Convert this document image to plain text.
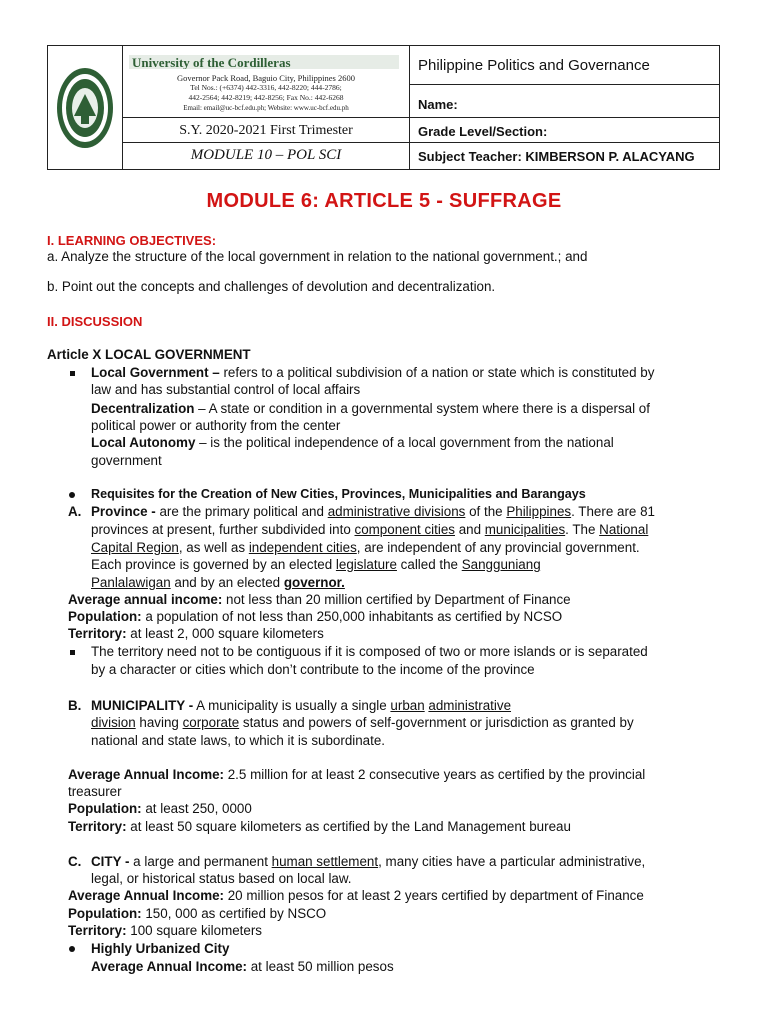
University of the Cordilleras
Governor Pack Road, Baguio City, Philippines 2600
Tel Nos.: (+6374) 442-3316, 442-8220; 444-2786;
442-2564; 442-8219; 442-8256; Fax No.: 442-6268
Email: email@uc-bcf.edu.ph; Website: www.uc-bcf.edu.ph
S.Y. 2020-2021 First Trimester
MODULE 10 – POL SCI
Philippine Politics and Governance
Name:
Grade Level/Section:
Subject Teacher: KIMBERSON P. ALACYANG
MODULE 6: ARTICLE 5 - SUFFRAGE
I. LEARNING OBJECTIVES:
a. Analyze the structure of the local government in relation to the national government.; and
b. Point out the concepts and challenges of devolution and decentralization.
II. DISCUSSION
Article X LOCAL GOVERNMENT
Local Government – refers to a political subdivision of a nation or state which is constituted by
law and has substantial control of local affairs
Decentralization – A state or condition in a governmental system where there is a dispersal of
political power or authority from the center
Local Autonomy – is the political independence of a local government from the national
government
Requisites for the Creation of New Cities, Provinces, Municipalities and Barangays
A. Province - are the primary political and administrative divisions of the Philippines. There are 81
provinces at present, further subdivided into component cities and municipalities. The National
Capital Region, as well as independent cities, are independent of any provincial government.
Each province is governed by an elected legislature called the Sangguniang
Panlalawigan and by an elected governor.
Average annual income: not less than 20 million certified by Department of Finance
Population: a population of not less than 250,000 inhabitants as certified by NCSO
Territory: at least 2, 000 square kilometers
The territory need not to be contiguous if it is composed of two or more islands or is separated
by a character or cities which don’t contribute to the income of the province
B. MUNICIPALITY - A municipality is usually a single urban administrative
division having corporate status and powers of self-government or jurisdiction as granted by
national and state laws, to which it is subordinate.
Average Annual Income: 2.5 million for at least 2 consecutive years as certified by the provincial
treasurer
Population: at least 250, 0000
Territory: at least 50 square kilometers as certified by the Land Management bureau
C. CITY - a large and permanent human settlement, many cities have a particular administrative,
legal, or historical status based on local law.
Average Annual Income: 20 million pesos for at least 2 years certified by department of Finance
Population: 150, 000 as certified by NSCO
Territory: 100 square kilometers
Highly Urbanized City
Average Annual Income: at least 50 million pesos
